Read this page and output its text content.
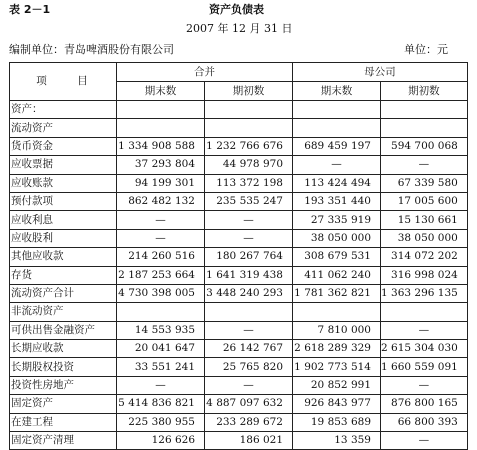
表 2－1	资产负债表
2007 年 12 月 31 日
编制单位：青岛啤酒股份有限公司	单位：元
项　目	合并		母公司	
	期末数	期初数	期末数	期初数
资产：				
流动资产				
货币资金	1 334 908 588	1 232 766 676	689 459 197	594 700 068
应收票据	37 293 804	44 978 970	—	—
应收账款	94 199 301	113 372 198	113 424 494	67 339 580
预付款项	862 482 132	235 535 247	193 351 440	17 005 600
应收利息	—	—	27 335 919	15 130 661
应收股利	—	—	38 050 000	38 050 000
其他应收款	214 260 516	180 267 764	308 679 531	314 072 202
存货	2 187 253 664	1 641 319 438	411 062 240	316 998 024
流动资产合计	4 730 398 005	3 448 240 293	1 781 362 821	1 363 296 135
非流动资产				
可供出售金融资产	14 553 935	—	7 810 000	—
长期应收款	20 041 647	26 142 767	2 618 289 329	2 615 304 030
长期股权投资	33 551 241	25 765 820	1 902 773 514	1 660 559 091
投资性房地产	—	—	20 852 991	—
固定资产	5 414 836 821	4 887 097 632	926 843 977	876 800 165
在建工程	225 380 955	233 289 672	19 853 689	66 800 393
固定资产清理	126 626	186 021	13 359	—
